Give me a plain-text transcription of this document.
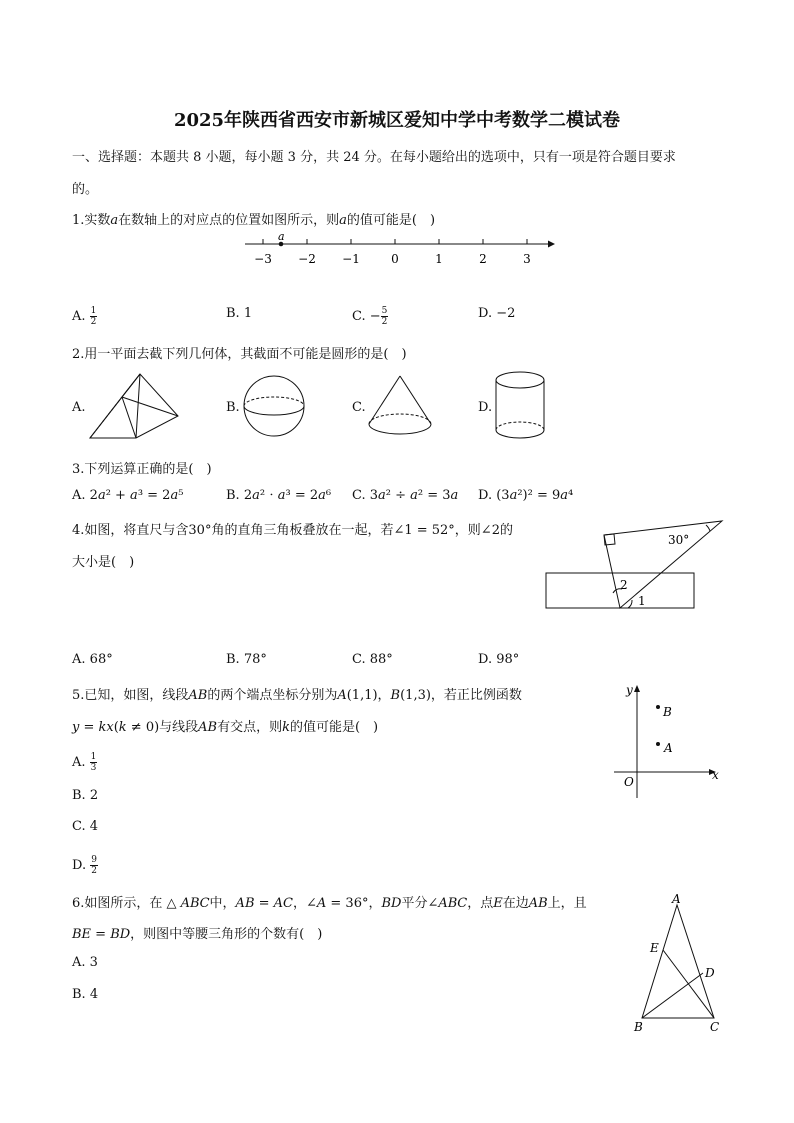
2025年陕西省西安市新城区爱知中学中考数学二模试卷
一、选择题：本题共 8 小题，每小题 3 分，共 24 分。在每小题给出的选项中，只有一项是符合题目要求
的。
1.实数𝑎在数轴上的对应点的位置如图所示，则𝑎的值可能是(　)
−3 −2 −1	0	1	2	3
𝑎
A. $\frac{1}{2}$	B. 1	C. − $\frac{5}{2}$	D. −2
2.用一平面去截下列几何体，其截面不可能是圆形的是(　)
A.	B.	C.	D.
3.下列运算正确的是(　)
A. 2𝑎² + 𝑎³ = 2𝑎⁵	B. 2𝑎² ⋅ 𝑎³ = 2𝑎⁶ C. 3𝑎² ÷ 𝑎² = 3𝑎 D. (3𝑎²)² = 9𝑎⁴
4.如图，将直尺与含30°角的直角三角板叠放在一起，若∠1 = 52°，则∠2的
大小是(　)
30°
2
1
A. 68°	B. 78°	C. 88°	D. 98°
5.已知，如图，线段𝐴𝐵的两个端点坐标分别为𝐴(1,1)，𝐵(1,3)，若正比例函数
𝑦 = 𝑘𝑥(𝑘 ≠ 0)与线段𝐴𝐵有交点，则𝑘的值可能是(　)
𝑦
𝑥
𝑂
𝐵
𝐴
A. $\frac{1}{3}$
B. 2
C. 4
D. $\frac{9}{2}$
6.如图所示，在 △ 𝐴𝐵𝐶中，𝐴𝐵 = 𝐴𝐶，∠𝐴 = 36°，𝐵𝐷平分∠𝐴𝐵𝐶，点𝐸在边𝐴𝐵上，且
𝐵𝐸 = 𝐵𝐷，则图中等腰三角形的个数有(　)
𝐴
𝐵	𝐶
𝐷
𝐸
A. 3
B. 4
